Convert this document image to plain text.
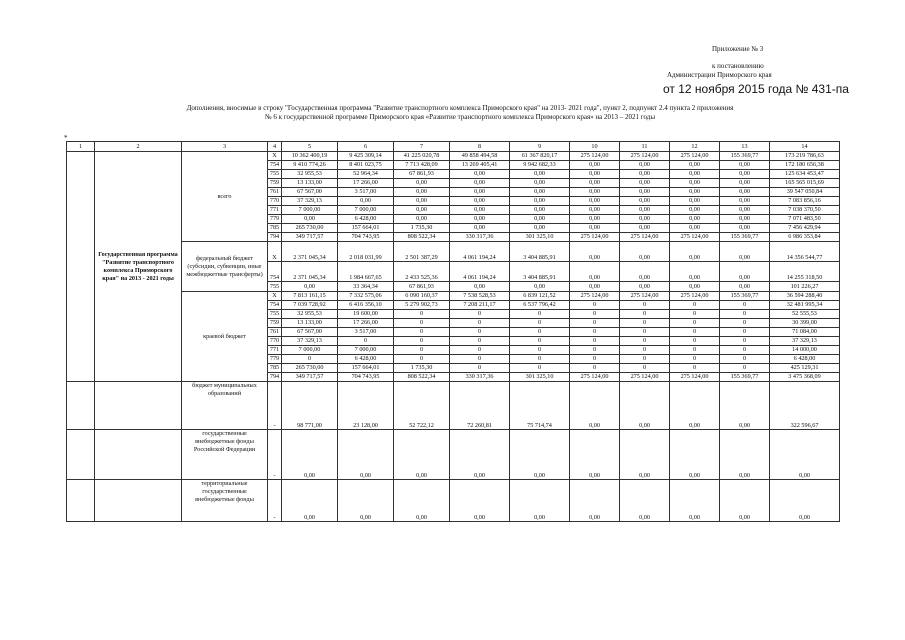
Приложение № 3
к постановлению
Администрации Приморского края
от 12 ноября 2015 года № 431-па
Дополнения, вносимые в строку "Государственная программа "Развитие транспортного комплекса Приморского края" на 2013- 2021 года", пункт 2, подпункт 2.4 пункта 2 приложения
№ 6 к государственной программе Приморского края «Развитие транспортного комплекса Приморского края» на 2013 – 2021 годы
*
1	2	3	4	5	6	7	8	9	10	11	12	13	14
	Государственная программа "Развитие транспортного комплекса Приморского края" на 2013 - 2021 годы	всего	X	10 362 400,19	9 425 309,14	41 225 020,78	49 858 494,58	61 367 820,17	275 124,00	275 124,00	275 124,00	155 369,77	173 219 786,63
			754	9 410 774,26	8 401 023,75	7 713 428,09	13 269 405,41	9 942 682,33	0,00	0,00	0,00	0,00	172 180 656,38
			755	32 955,53	52 964,34	67 861,93	0,00	0,00	0,00	0,00	0,00	0,00	125 634 453,47
			759	13 133,00	17 266,00	0,00	0,00	0,00	0,00	0,00	0,00	0,00	165 565 015,69
			761	67 567,00	3 517,00	0,00	0,00	0,00	0,00	0,00	0,00	0,00	39 547 050,84
			770	37 329,13	0,00	0,00	0,00	0,00	0,00	0,00	0,00	0,00	7 083 856,16
			771	7 000,00	7 000,00	0,00	0,00	0,00	0,00	0,00	0,00	0,00	7 038 370,50
			779	0,00	6 428,00	0,00	0,00	0,00	0,00	0,00	0,00	0,00	7 071 483,50
			785	265 730,00	157 664,01	1 735,30	0,00	0,00	0,00	0,00	0,00	0,00	7 456 429,94
			794	349 717,57	704 743,95	808 522,34	330 317,36	301 325,10	275 124,00	275 124,00	275 124,00	155 369,77	6 986 353,84
		федеральный бюджет (субсидии, субвенции, иные межбюджетные трансферты)	X	2 371 045,34	2 018 031,99	2 501 387,29	4 061 194,24	3 404 885,91	0,00	0,00	0,00	0,00	14 356 544,77
			754	2 371 045,34	1 984 667,65	2 433 525,36	4 061 194,24	3 404 885,91	0,00	0,00	0,00	0,00	14 255 318,50
			755	0,00	33 364,34	67 861,93	0,00	0,00	0,00	0,00	0,00	0,00	101 226,27
		краевой бюджет	X	7 813 161,15	7 332 575,06	6 090 160,37	7 538 528,53	6 839 121,52	275 124,00	275 124,00	275 124,00	155 369,77	36 594 288,40
			754	7 039 728,92	6 416 356,10	5 279 902,73	7 208 211,17	6 537 796,42	0	0	0	0	32 481 995,34
			755	32 955,53	19 600,00	0	0	0	0	0	0	0	52 555,53
			759	13 133,00	17 266,00	0	0	0	0	0	0	0	30 399,00
			761	67 567,00	3 517,00	0	0	0	0	0	0	0	71 084,00
			770	37 329,13	0	0	0	0	0	0	0	0	37 329,13
			771	7 000,00	7 000,00	0	0	0	0	0	0	0	14 000,00
			779	0	6 428,00	0	0	0	0	0	0	0	6 428,00
			785	265 730,00	157 664,01	1 735,30	0	0	0	0	0	0	425 129,31
			794	349 717,57	704 743,95	808 522,34	330 317,36	301 325,10	275 124,00	275 124,00	275 124,00	155 369,77	3 475 368,09
		бюджет муниципальных образований	-	98 771,00	23 128,00	52 722,12	72 260,81	75 714,74	0,00	0,00	0,00	0,00	322 596,67
		государственные внебюджетные фонды Российской Федерации	-	0,00	0,00	0,00	0,00	0,00	0,00	0,00	0,00	0,00	0,00
		территориальные государственные внебюджетные фонды	-	0,00	0,00	0,00	0,00	0,00	0,00	0,00	0,00	0,00	0,00
